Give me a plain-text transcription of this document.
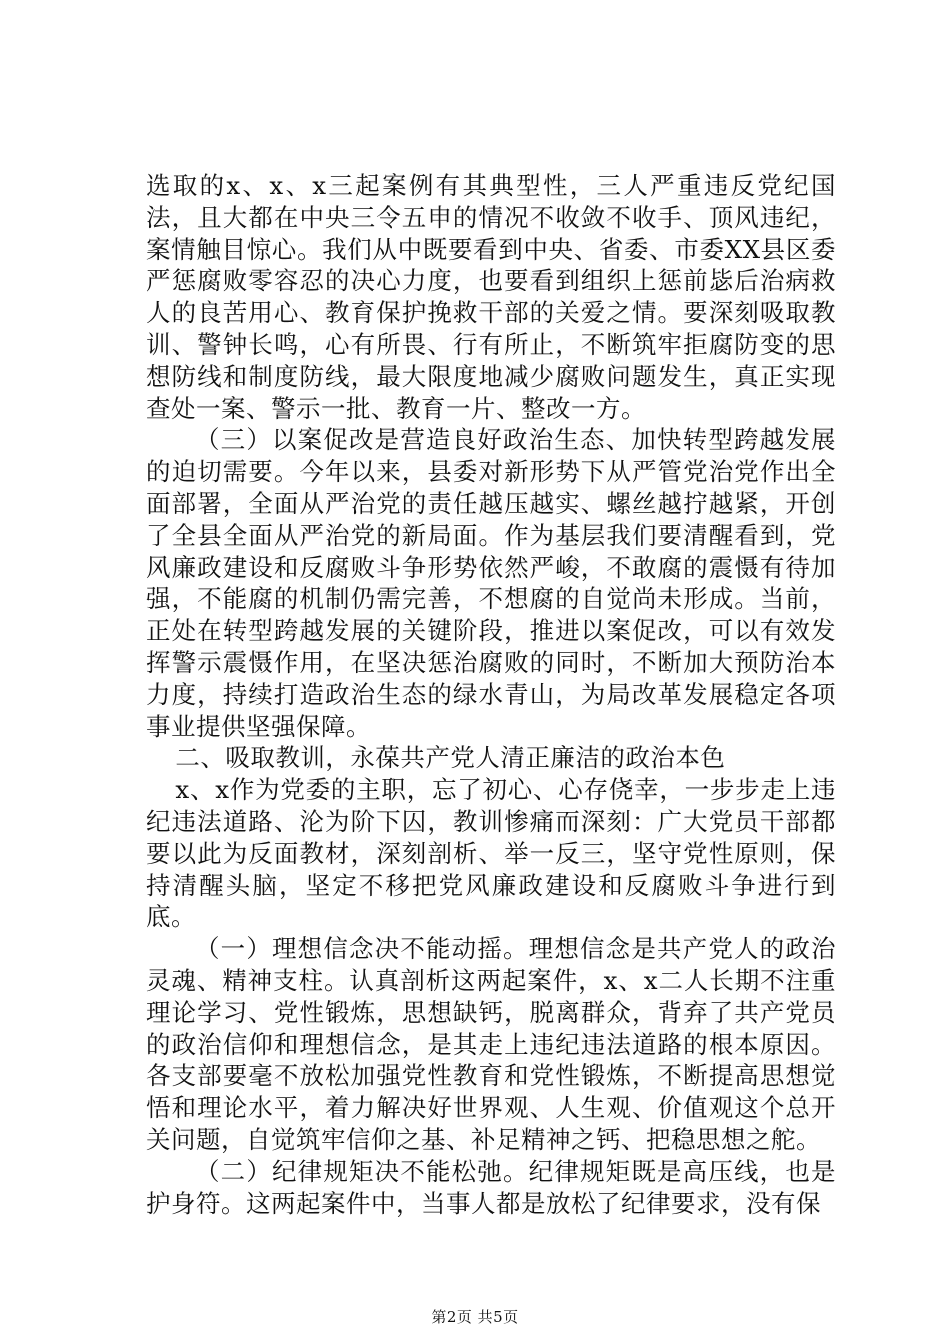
选取的x、x、x三起案例有其典型性，三人严重违反党纪国法，且大都在中央三令五申的情况不收敛不收手、顶风违纪，案情触目惊心。我们从中既要看到中央、省委、市委XX县区委严惩腐败零容忍的决心力度，也要看到组织上惩前毖后治病救人的良苦用心、教育保护挽救干部的关爱之情。要深刻吸取教训、警钟长鸣，心有所畏、行有所止，不断筑牢拒腐防变的思想防线和制度防线，最大限度地减少腐败问题发生，真正实现查处一案、警示一批、教育一片、整改一方。

（三）以案促改是营造良好政治生态、加快转型跨越发展的迫切需要。今年以来，县委对新形势下从严管党治党作出全面部署，全面从严治党的责任越压越实、螺丝越拧越紧，开创了全县全面从严治党的新局面。作为基层我们要清醒看到，党风廉政建设和反腐败斗争形势依然严峻，不敢腐的震慑有待加强，不能腐的机制仍需完善，不想腐的自觉尚未形成。当前，正处在转型跨越发展的关键阶段，推进以案促改，可以有效发挥警示震慑作用，在坚决惩治腐败的同时，不断加大预防治本力度，持续打造政治生态的绿水青山，为局改革发展稳定各项事业提供坚强保障。

二、吸取教训，永葆共产党人清正廉洁的政治本色

x、x作为党委的主职，忘了初心、心存侥幸，一步步走上违纪违法道路、沦为阶下囚，教训惨痛而深刻：广大党员干部都要以此为反面教材，深刻剖析、举一反三，坚守党性原则，保持清醒头脑，坚定不移把党风廉政建设和反腐败斗争进行到底。

（一）理想信念决不能动摇。理想信念是共产党人的政治灵魂、精神支柱。认真剖析这两起案件，x、x二人长期不注重理论学习、党性锻炼，思想缺钙，脱离群众，背弃了共产党员的政治信仰和理想信念，是其走上违纪违法道路的根本原因。各支部要毫不放松加强党性教育和党性锻炼，不断提高思想觉悟和理论水平，着力解决好世界观、人生观、价值观这个总开关问题，自觉筑牢信仰之基、补足精神之钙、把稳思想之舵。

（二）纪律规矩决不能松弛。纪律规矩既是高压线，也是护身符。这两起案件中，当事人都是放松了纪律要求，没有保

第2页 共5页
